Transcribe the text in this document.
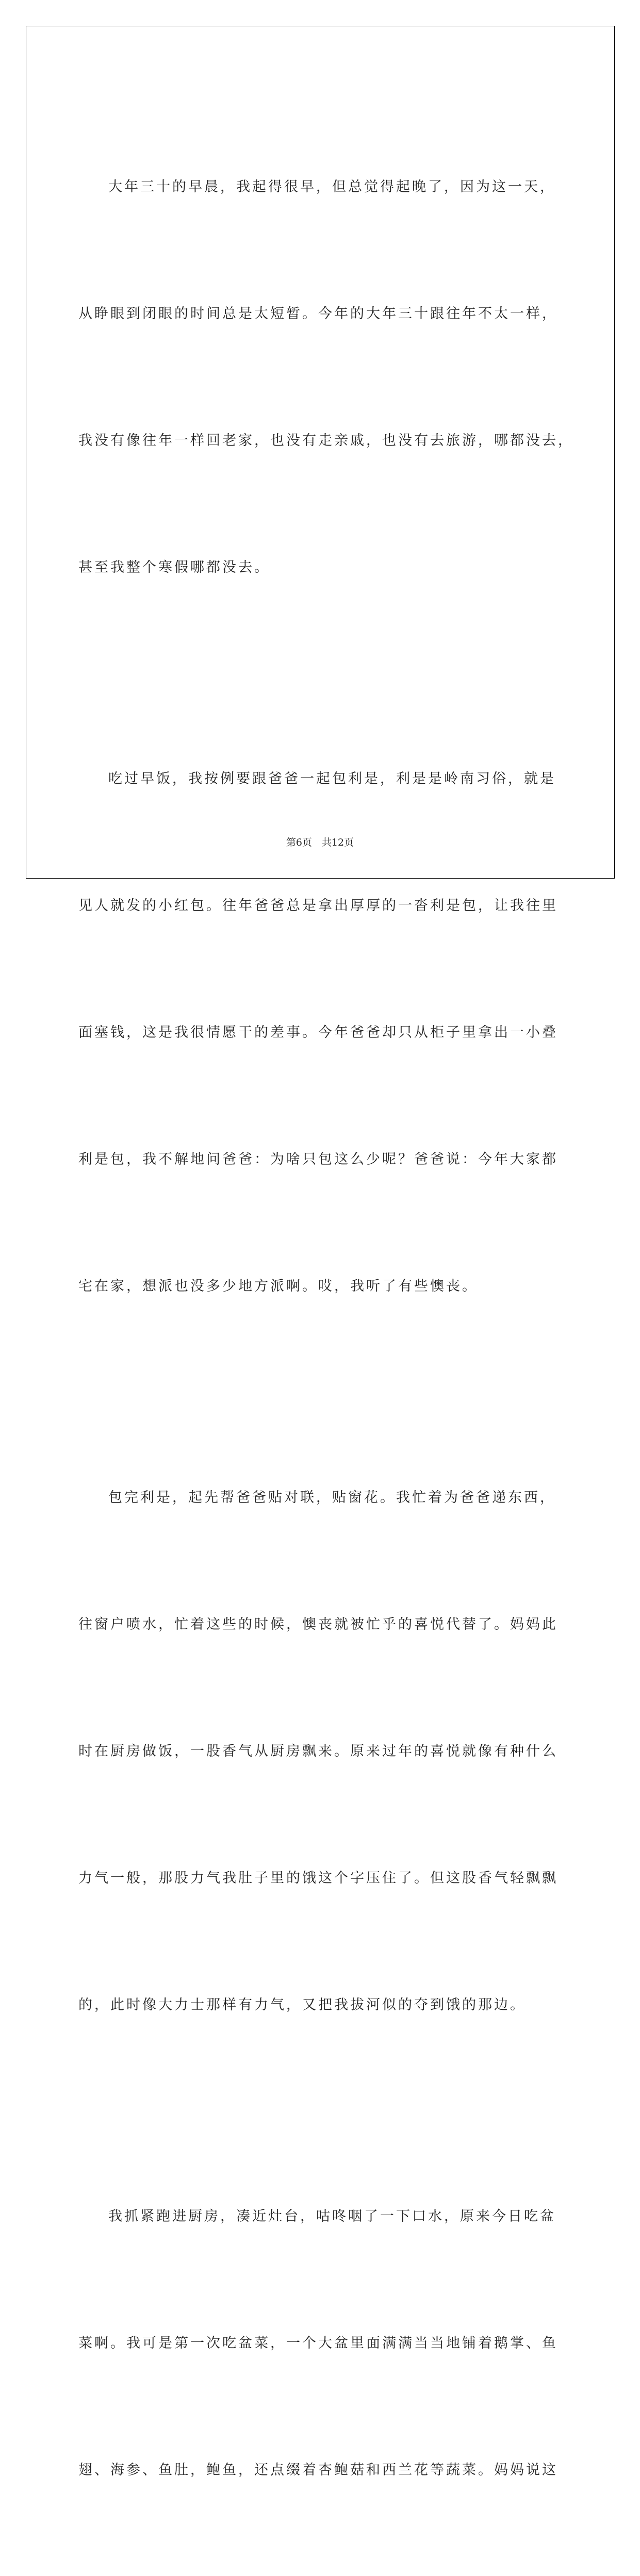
大年三十的早晨，我起得很早，但总觉得起晚了，因为这一天，

从睁眼到闭眼的时间总是太短暂。今年的大年三十跟往年不太一样，

我没有像往年一样回老家，也没有走亲戚，也没有去旅游，哪都没去，

甚至我整个寒假哪都没去。

吃过早饭，我按例要跟爸爸一起包利是，利是是岭南习俗，就是

见人就发的小红包。往年爸爸总是拿出厚厚的一沓利是包，让我往里

面塞钱，这是我很情愿干的差事。今年爸爸却只从柜子里拿出一小叠

利是包，我不解地问爸爸：为啥只包这么少呢？爸爸说：今年大家都

宅在家，想派也没多少地方派啊。哎，我听了有些懊丧。

包完利是，起先帮爸爸贴对联，贴窗花。我忙着为爸爸递东西，

往窗户喷水，忙着这些的时候，懊丧就被忙乎的喜悦代替了。妈妈此

时在厨房做饭，一股香气从厨房飘来。原来过年的喜悦就像有种什么

力气一般，那股力气我肚子里的饿这个字压住了。但这股香气轻飘飘

的，此时像大力士那样有力气，又把我拔河似的夺到饿的那边。

我抓紧跑进厨房，凑近灶台，咕咚咽了一下口水，原来今日吃盆

菜啊。我可是第一次吃盆菜，一个大盆里面满满当当地铺着鹅掌、鱼

翅、海参、鱼肚，鲍鱼，还点缀着杏鲍菇和西兰花等蔬菜。妈妈说这

第6页　共12页
